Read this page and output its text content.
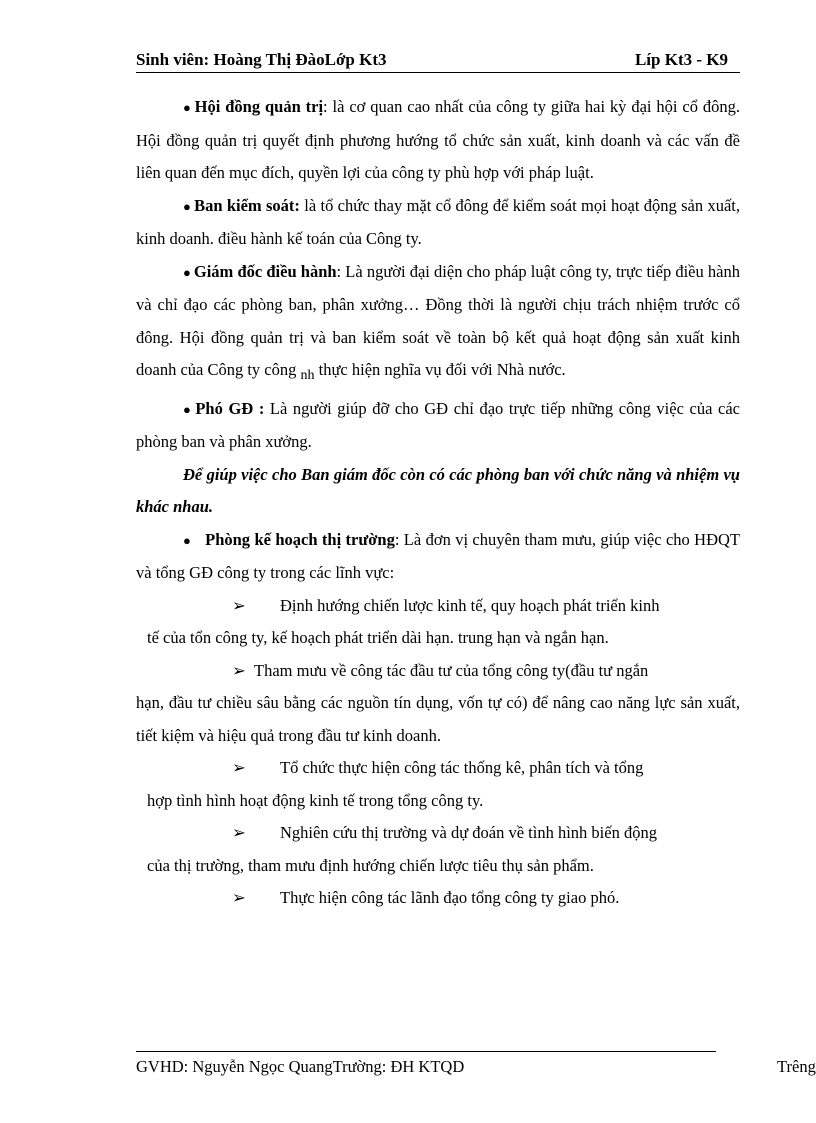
Sinh viên: Hoàng Thị ĐàoLớp Kt3	Líp Kt3 - K9

● Hội đồng quản trị: là cơ quan cao nhất của công ty giữa hai kỳ đại hội cổ đông. Hội đồng quản trị quyết định phương hướng tổ chức sản xuất, kinh doanh và các vấn đề liên quan đến mục đích, quyền lợi của công ty phù hợp với pháp luật.

● Ban kiểm soát: là tổ chức thay mặt cổ đông để kiểm soát mọi hoạt động sản xuất, kinh doanh. điều hành kế toán của Công ty.

● Giám đốc điều hành: Là người đại diện cho pháp luật công ty, trực tiếp điều hành và chỉ đạo các phòng ban, phân xưởng… Đồng thời là người chịu trách nhiệm trước cổ đông. Hội đồng quản trị và ban kiểm soát về toàn bộ kết quả hoạt động sản xuất kinh doanh của Công ty công $_{nh}$ thực hiện nghĩa vụ đối với Nhà nước.

● Phó GĐ : Là người giúp đỡ cho GĐ chỉ đạo trực tiếp những công việc của các phòng ban và phân xưởng.

Để giúp việc cho Ban giám đốc còn có các phòng ban với chức năng và nhiệm vụ khác nhau.

● Phòng kế hoạch thị trường: Là đơn vị chuyên tham mưu, giúp việc cho HĐQT và tổng GĐ công ty trong các lĩnh vực:

➢ Định hướng chiến lược kinh tế, quy hoạch phát triển kinh

tế của tổn công ty, kế hoạch phát triển dài hạn. trung hạn và ngắn hạn.

➢ Tham mưu về công tác đầu tư của tổng công ty(đầu tư ngắn

hạn, đầu tư chiều sâu bằng các nguồn tín dụng, vốn tự có) để nâng cao năng lực sản xuất, tiết kiệm và hiệu quả trong đầu tư kinh doanh.

➢ Tổ chức thực hiện công tác thống kê, phân tích và tổng

hợp tình hình hoạt động kinh tế trong tổng công ty.

➢ Nghiên cứu thị trường và dự đoán về tình hình biến động

của thị trường, tham mưu định hướng chiến lược tiêu thụ sản phẩm.

➢ Thực hiện công tác lãnh đạo tổng công ty giao phó.

GVHD: Nguyễn Ngọc QuangTrường: ĐH KTQD	Trêng
